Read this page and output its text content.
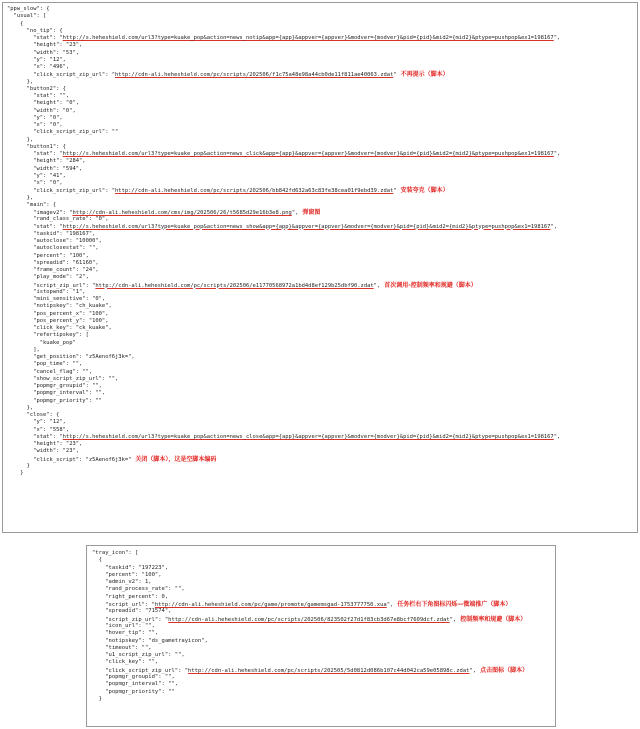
"ppw_slow": {
"usual": [
{
"no_tip": {
"stat": "http://s.heheshield.com/url3?type=kuake_pop&action=news_notip&app={app}&appver={appver}&modver={modver}&pid={pid}&mid2={mid2}&ptype=pushpop&ex1=198167",
"height": "23",
"width": "53",
"y": "12",
"x": "496",
"click_script_zip_url": "http://cdn-ali.heheshield.com/pc/scripts/202506/f1c75a48e98a44cb0de11f811ae40063.zdat" 不再提示（脚本）
},
"button2": {
"stat": "",
"height": "0",
"width": "0",
"y": "0",
"x": "0",
"click_script_zip_url": ""
},
"button1": {
"stat": "http://s.heheshield.com/url3?type=kuake_pop&action=news_click&app={app}&appver={appver}&modver={modver}&pid={pid}&mid2={mid2}&ptype=pushpop&ex1=198167",
"height": "284",
"width": "594",
"y": "41",
"x": "0",
"click_script_zip_url": "http://cdn-ali.heheshield.com/pc/scripts/202506/bb842fd632a63c83fe38cea01f9ebd39.zdat" 安装夸克（脚本）
},
"main": {
"imagev2": "http://cdn-ali.heheshield.com/cms/img/202506/26/t5685d29e16b3e8.png", 弹窗图
"rand_class_rate": "0",
"stat": "http://s.heheshield.com/url3?type=kuake_pop&action=news_show&app={app}&appver={appver}&modver={modver}&pid={pid}&mid2={mid2}&ptype=pushpop&ex1=198167",
"taskid": "198167",
"autoclose": "10000",
"autoclosestat": "",
"percent": "100",
"spreadid": "61160",
"frame_count": "24",
"play_mode": "2",
"script_zip_url": "http://cdn-ali.heheshield.com/pc/scripts/202506/e11770568972a1bd4d8ef129b25dbf90.zdat", 首次调用-控制频率和规避（脚本）
"istopwnd": "1",
"mini_sensitive": "0",
"notipskey": "ch_kuake",
"pos_percent_x": "100",
"pos_percent_y": "100",
"click_key": "ck_kuake",
"refertipskey": [
"kuake_pop"
],
"get_position": "z5Aenof6j3k=",
"pop_time": "",
"cancel_flag": "",
"show_script_zip_url": "",
"popmgr_groupid": "",
"popmgr_interval": "",
"popmgr_priority": ""
},
"close": {
"y": "12",
"x": "558",
"stat": "http://s.heheshield.com/url3?type=kuake_pop&action=news_close&app={app}&appver={appver}&modver={modver}&pid={pid}&mid2={mid2}&ptype=pushpop&ex1=198167",
"height": "23",
"width": "23",
"click_script": "z5Aenof6j3k=" 关闭（脚本），这是空脚本编码
}
}
"tray_icon": [
{
"taskid": "197223",
"percent": "100",
"admin_v2": 1,
"rand_process_rate": "",
"right_percent": 0,
"script_url": "http://cdn-ali.heheshield.com/pc/game/promote/gamemsgad-1753777750.xua", 任务栏右下角图标闪烁—微端推广（脚本）
"spreadid": "71574",
"script_zip_url": "http://cdn-ali.heheshield.com/pc/scripts/202506/823502f27d1f83cb3d67e8bcf7609dcf.zdat", 控制频率和规避（脚本）
"icon_url": "",
"hover_tip": "",
"notipskey": "ds_gametrayicon",
"timeout": "",
"u1_script_zip_url": "",
"click_key": "",
"click_script_zip_url": "http://cdn-ali.heheshield.com/pc/scripts/202505/5d0812d086b107c44d042ca59e05898c.zdat", 点击图标（脚本）
"popmgr_groupid": "",
"popmgr_interval": "",
"popmgr_priority": ""
}
